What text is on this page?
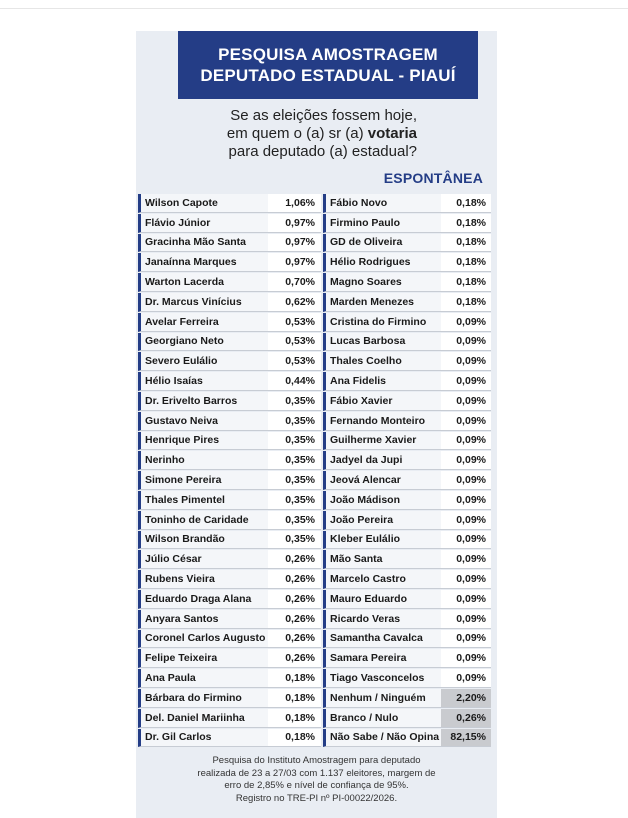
PESQUISA AMOSTRAGEM
DEPUTADO ESTADUAL - PIAUÍ
Se as eleições fossem hoje,
em quem o (a) sr (a) votaria
para deputado (a) estadual?
ESPONTÂNEA
Wilson Capote	1,06%	Fábio Novo	0,18%
Flávio Júnior	0,97%	Firmino Paulo	0,18%
Gracinha Mão Santa	0,97%	GD de Oliveira	0,18%
Janaínna Marques	0,97%	Hélio Rodrigues	0,18%
Warton Lacerda	0,70%	Magno Soares	0,18%
Dr. Marcus Vinícius	0,62%	Marden Menezes	0,18%
Avelar Ferreira	0,53%	Cristina do Firmino	0,09%
Georgiano Neto	0,53%	Lucas Barbosa	0,09%
Severo Eulálio	0,53%	Thales Coelho	0,09%
Hélio Isaías	0,44%	Ana Fidelis	0,09%
Dr. Erivelto Barros	0,35%	Fábio Xavier	0,09%
Gustavo Neiva	0,35%	Fernando Monteiro	0,09%
Henrique Pires	0,35%	Guilherme Xavier	0,09%
Nerinho	0,35%	Jadyel da Jupi	0,09%
Simone Pereira	0,35%	Jeová Alencar	0,09%
Thales Pimentel	0,35%	João Mádison	0,09%
Toninho de Caridade	0,35%	João Pereira	0,09%
Wilson Brandão	0,35%	Kleber Eulálio	0,09%
Júlio César	0,26%	Mão Santa	0,09%
Rubens Vieira	0,26%	Marcelo Castro	0,09%
Eduardo Draga Alana	0,26%	Mauro Eduardo	0,09%
Anyara Santos	0,26%	Ricardo Veras	0,09%
Coronel Carlos Augusto	0,26%	Samantha Cavalca	0,09%
Felipe Teixeira	0,26%	Samara Pereira	0,09%
Ana Paula	0,18%	Tiago Vasconcelos	0,09%
Bárbara do Firmino	0,18%	Nenhum / Ninguém	2,20%
Del. Daniel Mariinha	0,18%	Branco / Nulo	0,26%
Dr. Gil Carlos	0,18%	Não Sabe / Não Opina	82,15%
Pesquisa do Instituto Amostragem para deputado
realizada de 23 a 27/03 com 1.137 eleitores, margem de
erro de 2,85% e nível de confiança de 95%.
Registro no TRE-PI nº PI-00022/2026.
